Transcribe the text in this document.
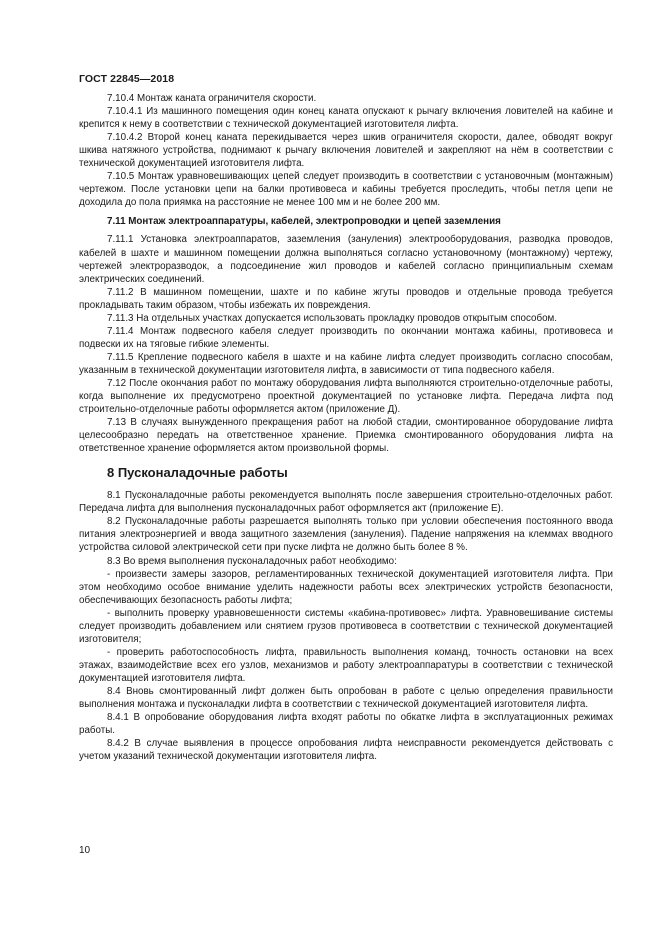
ГОСТ 22845—2018

7.10.4 Монтаж каната ограничителя скорости.

7.10.4.1 Из машинного помещения один конец каната опускают к рычагу включения ловителей на кабине и крепится к нему в соответствии с технической документацией изготовителя лифта.

7.10.4.2 Второй конец каната перекидывается через шкив ограничителя скорости, далее, обводят вокруг шкива натяжного устройства, поднимают к рычагу включения ловителей и закрепляют на нём в соответствии с технической документацией изготовителя лифта.

7.10.5 Монтаж уравновешивающих цепей следует производить в соответствии с установочным (монтажным) чертежом. После установки цепи на балки противовеса и кабины требуется проследить, чтобы петля цепи не доходила до пола приямка на расстояние не менее 100 мм и не более 200 мм.

7.11 Монтаж электроаппаратуры, кабелей, электропроводки и цепей заземления

7.11.1 Установка электроаппаратов, заземления (зануления) электрооборудования, разводка проводов, кабелей в шахте и машинном помещении должна выполняться согласно установочному (монтажному) чертежу, чертежей электроразводок, а подсоединение жил проводов и кабелей согласно принципиальным схемам электрических соединений.

7.11.2 В машинном помещении, шахте и по кабине жгуты проводов и отдельные провода требуется прокладывать таким образом, чтобы избежать их повреждения.

7.11.3 На отдельных участках допускается использовать прокладку проводов открытым способом.

7.11.4 Монтаж подвесного кабеля следует производить по окончании монтажа кабины, противовеса и подвески их на тяговые гибкие элементы.

7.11.5 Крепление подвесного кабеля в шахте и на кабине лифта следует производить согласно способам, указанным в технической документации изготовителя лифта, в зависимости от типа подвесного кабеля.

7.12 После окончания работ по монтажу оборудования лифта выполняются строительно-отделочные работы, когда выполнение их предусмотрено проектной документацией по установке лифта. Передача лифта под строительно-отделочные работы оформляется актом (приложение Д).

7.13 В случаях вынужденного прекращения работ на любой стадии, смонтированное оборудование лифта целесообразно передать на ответственное хранение. Приемка смонтированного оборудования лифта на ответственное хранение оформляется актом произвольной формы.

8 Пусконаладочные работы

8.1 Пусконаладочные работы рекомендуется выполнять после завершения строительно-отделочных работ. Передача лифта для выполнения пусконаладочных работ оформляется акт (приложение Е).

8.2 Пусконаладочные работы разрешается выполнять только при условии обеспечения постоянного ввода питания электроэнергией и ввода защитного заземления (зануления). Падение напряжения на клеммах вводного устройства силовой электрической сети при пуске лифта не должно быть более 8 %.

8.3 Во время выполнения пусконаладочных работ необходимо:

- произвести замеры зазоров, регламентированных технической документацией изготовителя лифта. При этом необходимо особое внимание уделить надежности работы всех электрических устройств безопасности, обеспечивающих безопасность работы лифта;

- выполнить проверку уравновешенности системы «кабина-противовес» лифта. Уравновешивание системы следует производить добавлением или снятием грузов противовеса в соответствии с технической документацией изготовителя;

- проверить работоспособность лифта, правильность выполнения команд, точность остановки на всех этажах, взаимодействие всех его узлов, механизмов и работу электроаппаратуры в соответствии с технической документацией изготовителя лифта.

8.4 Вновь смонтированный лифт должен быть опробован в работе с целью определения правильности выполнения монтажа и пусконаладки лифта в соответствии с технической документацией изготовителя лифта.

8.4.1 В опробование оборудования лифта входят работы по обкатке лифта в эксплуатационных режимах работы.

8.4.2 В случае выявления в процессе опробования лифта неисправности рекомендуется действовать с учетом указаний технической документации изготовителя лифта.

10
